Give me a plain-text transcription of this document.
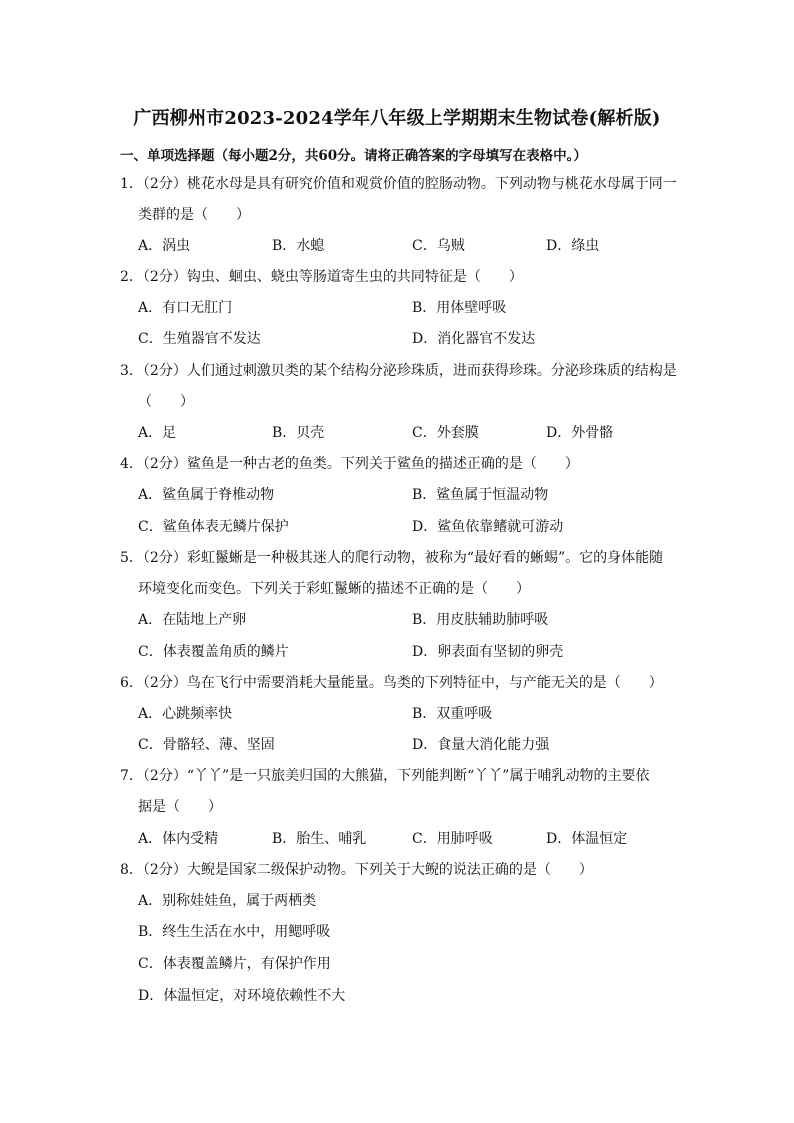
广西柳州市2023-2024学年八年级上学期期末生物试卷(解析版)
一、单项选择题（每小题2分，共60分。请将正确答案的字母填写在表格中。）
1．（2分）桃花水母是具有研究价值和观赏价值的腔肠动物。下列动物与桃花水母属于同一
类群的是（　　）
A．涡虫	B．水螅	C．乌贼	D．绦虫
2．（2分）钩虫、蛔虫、蛲虫等肠道寄生虫的共同特征是（　　）
A．有口无肛门	B．用体壁呼吸
C．生殖器官不发达	D．消化器官不发达
3．（2分）人们通过刺激贝类的某个结构分泌珍珠质，进而获得珍珠。分泌珍珠质的结构是
（　　）
A．足	B．贝壳	C．外套膜	D．外骨骼
4．（2分）鲨鱼是一种古老的鱼类。下列关于鲨鱼的描述正确的是（　　）
A．鲨鱼属于脊椎动物	B．鲨鱼属于恒温动物
C．鲨鱼体表无鳞片保护	D．鲨鱼依靠鳍就可游动
5．（2分）彩虹鬣蜥是一种极其迷人的爬行动物，被称为“最好看的蜥蜴”。它的身体能随
环境变化而变色。下列关于彩虹鬣蜥的描述不正确的是（　　）
A．在陆地上产卵	B．用皮肤辅助肺呼吸
C．体表覆盖角质的鳞片	D．卵表面有坚韧的卵壳
6．（2分）鸟在飞行中需要消耗大量能量。鸟类的下列特征中，与产能无关的是（　　）
A．心跳频率快	B．双重呼吸
C．骨骼轻、薄、坚固	D．食量大消化能力强
7．（2分）“丫丫”是一只旅美归国的大熊猫，下列能判断“丫丫”属于哺乳动物的主要依
据是（　　）
A．体内受精	B．胎生、哺乳	C．用肺呼吸	D．体温恒定
8．（2分）大鲵是国家二级保护动物。下列关于大鲵的说法正确的是（　　）
A．别称娃娃鱼，属于两栖类
B．终生生活在水中，用鳃呼吸
C．体表覆盖鳞片，有保护作用
D．体温恒定，对环境依赖性不大
